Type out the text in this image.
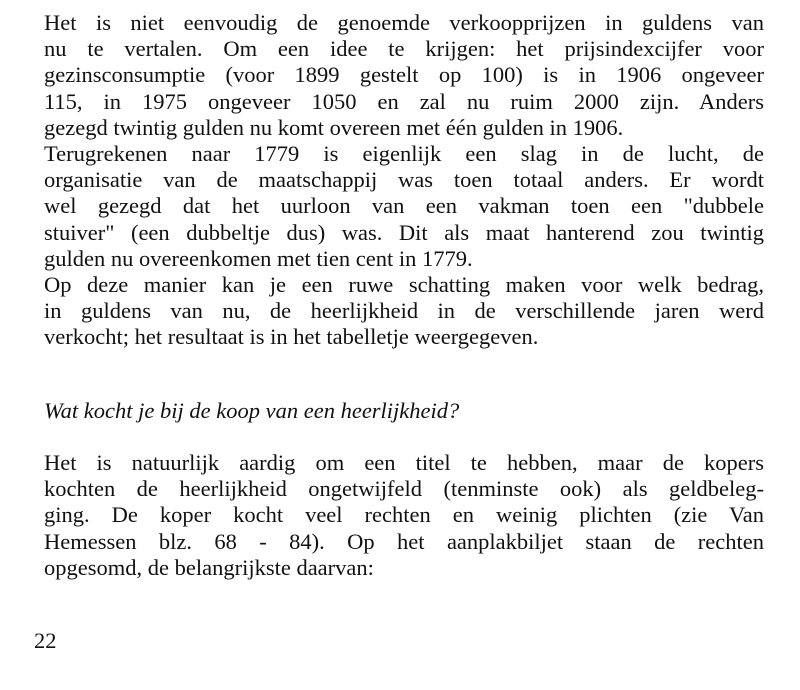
Het is niet eenvoudig de genoemde verkoopprijzen in guldens van
nu te vertalen. Om een idee te krijgen: het prijsindexcijfer voor
gezinsconsumptie (voor 1899 gestelt op 100) is in 1906 ongeveer
115, in 1975 ongeveer 1050 en zal nu ruim 2000 zijn. Anders
gezegd twintig gulden nu komt overeen met één gulden in 1906.
Terugrekenen naar 1779 is eigenlijk een slag in de lucht, de
organisatie van de maatschappij was toen totaal anders. Er wordt
wel gezegd dat het uurloon van een vakman toen een "dubbele
stuiver" (een dubbeltje dus) was. Dit als maat hanterend zou twintig
gulden nu overeenkomen met tien cent in 1779.
Op deze manier kan je een ruwe schatting maken voor welk bedrag,
in guldens van nu, de heerlijkheid in de verschillende jaren werd
verkocht; het resultaat is in het tabelletje weergegeven.

Wat kocht je bij de koop van een heerlijkheid?

Het is natuurlijk aardig om een titel te hebben, maar de kopers
kochten de heerlijkheid ongetwijfeld (tenminste ook) als geldbeleg-
ging. De koper kocht veel rechten en weinig plichten (zie Van
Hemessen blz. 68 - 84). Op het aanplakbiljet staan de rechten
opgesomd, de belangrijkste daarvan:
22
